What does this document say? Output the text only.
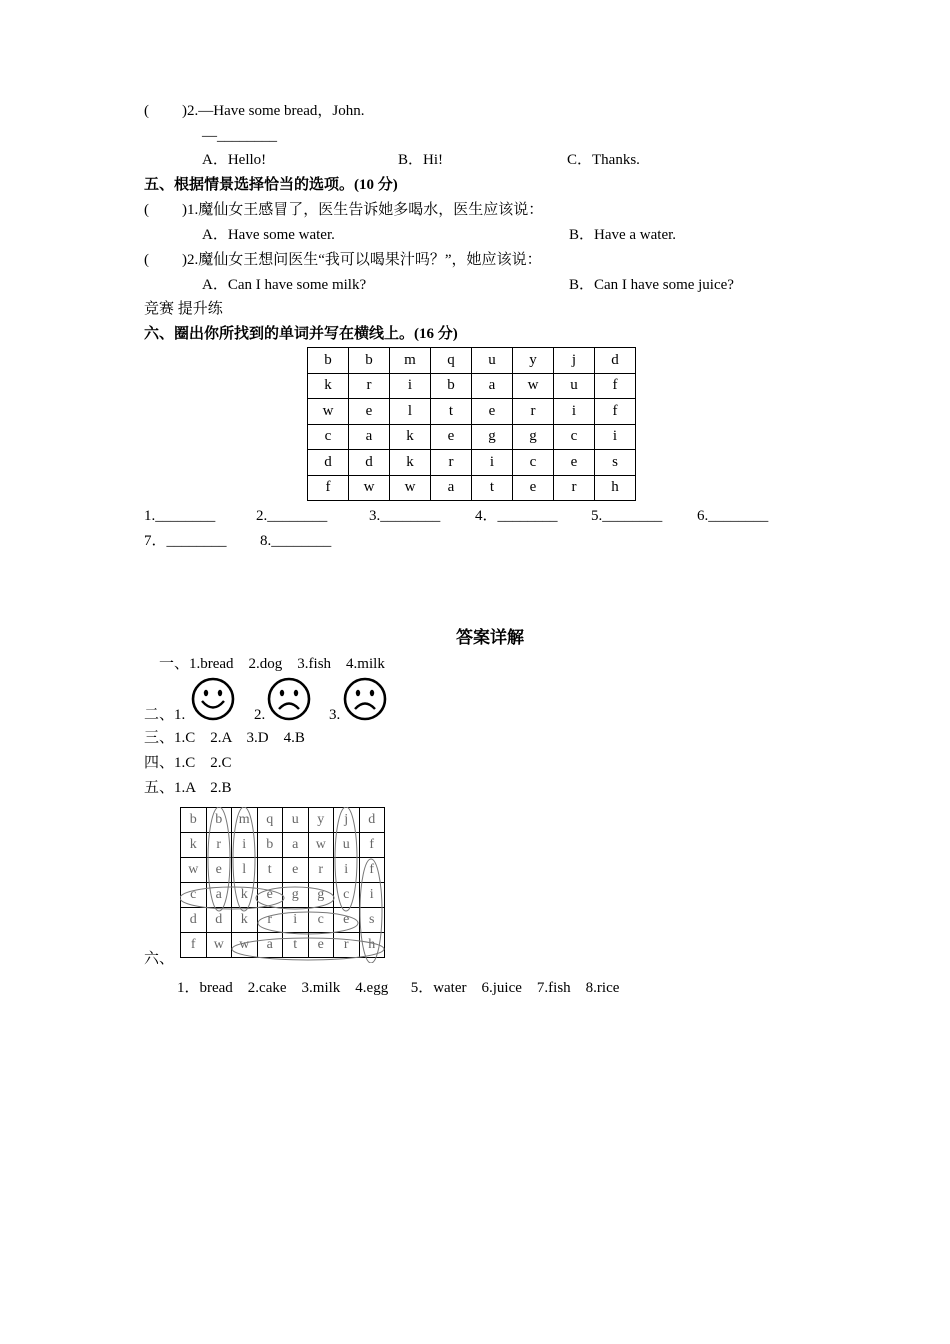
( )2.—Have some bread，John.
—________
A．Hello!	B．Hi!	C．Thanks.
五、根据情景选择恰当的选项。(10 分)
( )1.魔仙女王感冒了，医生告诉她多喝水，医生应该说：
A．Have some water.	B．Have a water.
( )2.魔仙女王想问医生“我可以喝果汁吗？”，她应该说：
A．Can I have some milk?	B．Can I have some juice?
竞赛 提升练
六、圈出你所找到的单词并写在横线上。(16 分)
b	b	m	q	u	y	j	d
k	r	i	b	a	w	u	f
w	e	l	t	e	r	i	f
c	a	k	e	g	g	c	i
d	d	k	r	i	c	e	s
f	w	w	a	t	e	r	h
1.________	2.________	3.________ 4．________ 5.________ 6.________
7．________ 8.________
答案详解
一、1.bread    2.dog    3.fish    4.milk
二、1.	2.	3.
三、1.C    2.A    3.D    4.B
四、1.C    2.C
五、1.A    2.B
六、
b	b	m	q	u	y	j	d
k	r	i	b	a	w	u	f
w	e	l	t	e	r	i	f
c	a	k	e	g	g	c	i
d	d	k	r	i	c	e	s
f	w	w	a	t	e	r	h
1．bread    2.cake    3.milk    4.egg      5．water    6.juice    7.fish    8.rice
